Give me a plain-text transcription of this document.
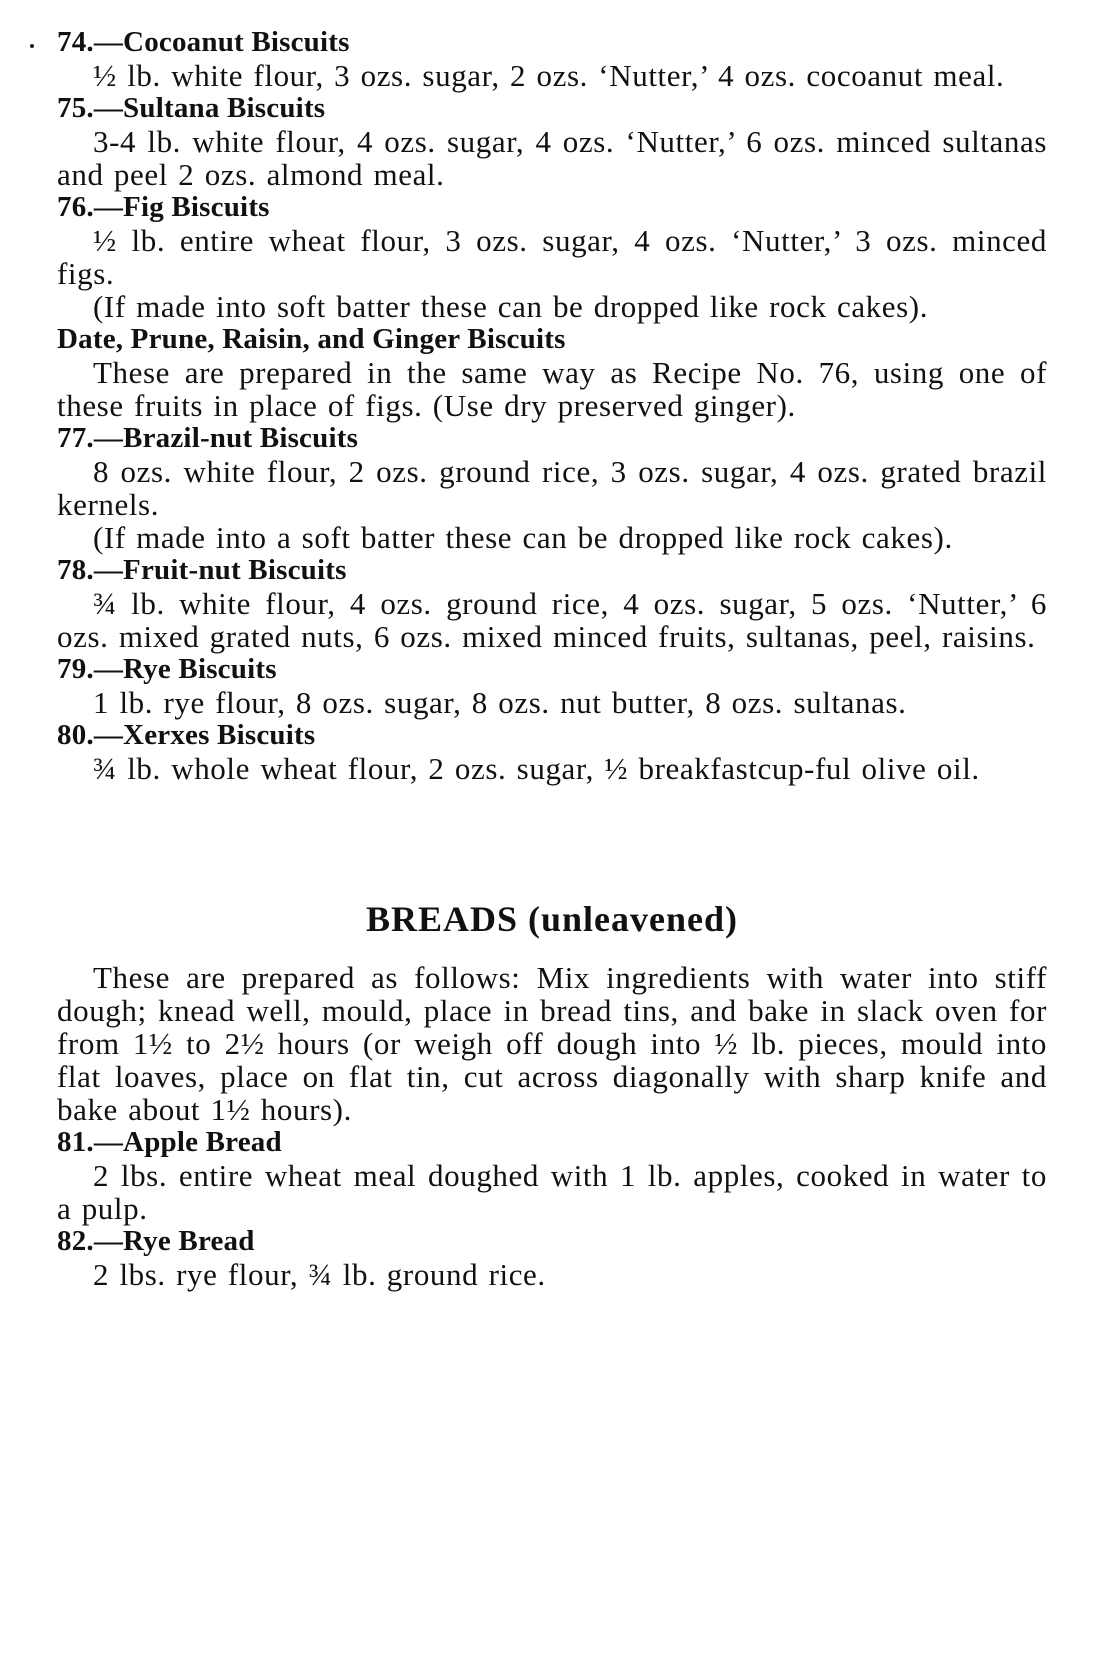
74.—Cocoanut Biscuits

½ lb. white flour, 3 ozs. sugar, 2 ozs. ‘Nutter,’ 4 ozs. cocoanut meal.

75.—Sultana Biscuits

3-4 lb. white flour, 4 ozs. sugar, 4 ozs. ‘Nutter,’ 6 ozs. minced sultanas and peel 2 ozs. almond meal.

76.—Fig Biscuits

½ lb. entire wheat flour, 3 ozs. sugar, 4 ozs. ‘Nutter,’ 3 ozs. minced figs.

(If made into soft batter these can be dropped like rock cakes).

Date, Prune, Raisin, and Ginger Biscuits

These are prepared in the same way as Recipe No. 76, using one of these fruits in place of figs. (Use dry preserved ginger).

77.—Brazil-nut Biscuits

8 ozs. white flour, 2 ozs. ground rice, 3 ozs. sugar, 4 ozs. grated brazil kernels.

(If made into a soft batter these can be dropped like rock cakes).

78.—Fruit-nut Biscuits

¾ lb. white flour, 4 ozs. ground rice, 4 ozs. sugar, 5 ozs. ‘Nutter,’ 6 ozs. mixed grated nuts, 6 ozs. mixed minced fruits, sultanas, peel, raisins.

79.—Rye Biscuits

1 lb. rye flour, 8 ozs. sugar, 8 ozs. nut butter, 8 ozs. sultanas.

80.—Xerxes Biscuits

¾ lb. whole wheat flour, 2 ozs. sugar, ½ breakfastcup-ful olive oil.

BREADS (unleavened)

These are prepared as follows: Mix ingredients with water into stiff dough; knead well, mould, place in bread tins, and bake in slack oven for from 1½ to 2½ hours (or weigh off dough into ½ lb. pieces, mould into flat loaves, place on flat tin, cut across diagonally with sharp knife and bake about 1½ hours).

81.—Apple Bread

2 lbs. entire wheat meal doughed with 1 lb. apples, cooked in water to a pulp.

82.—Rye Bread

2 lbs. rye flour, ¾ lb. ground rice.
